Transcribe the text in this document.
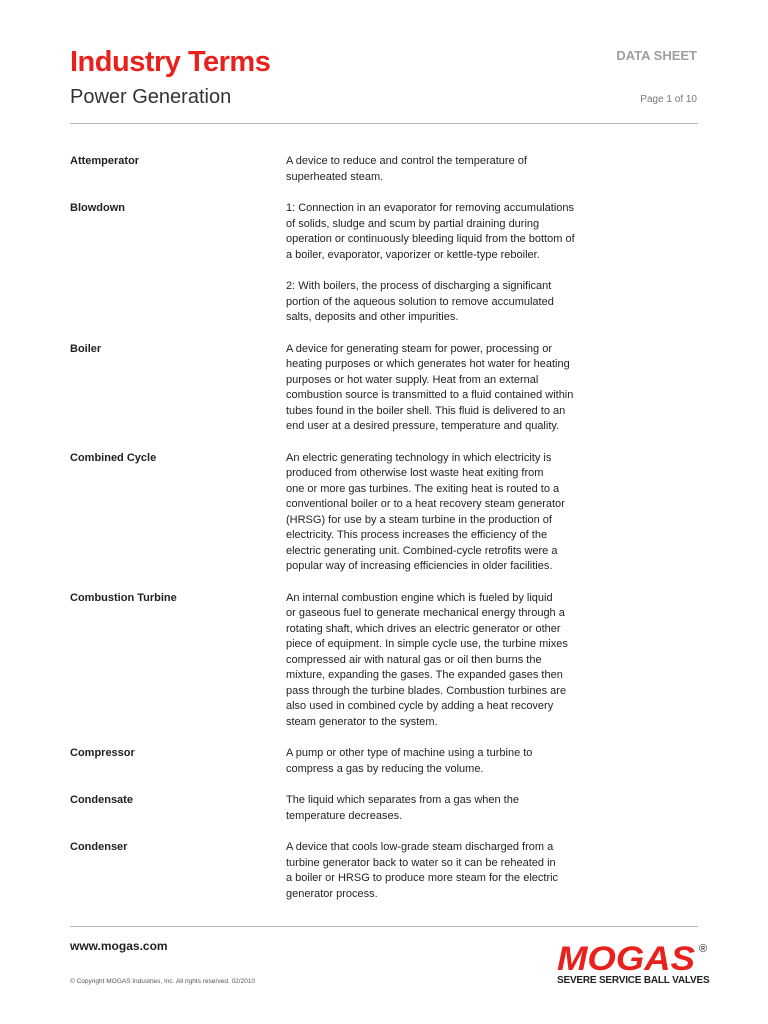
Industry Terms
Power Generation
DATA SHEET
Page 1 of 10
Attemperator	A device to reduce and control the temperature of
superheated steam.

Blowdown	1: Connection in an evaporator for removing accumulations
of solids, sludge and scum by partial draining during
operation or continuously bleeding liquid from the bottom of
a boiler, evaporator, vaporizer or kettle-type reboiler.

2: With boilers, the process of discharging a significant
portion of the aqueous solution to remove accumulated
salts, deposits and other impurities.

Boiler	A device for generating steam for power, processing or
heating purposes or which generates hot water for heating
purposes or hot water supply. Heat from an external
combustion source is transmitted to a fluid contained within
tubes found in the boiler shell. This fluid is delivered to an
end user at a desired pressure, temperature and quality.

Combined Cycle	An electric generating technology in which electricity is
produced from otherwise lost waste heat exiting from
one or more gas turbines. The exiting heat is routed to a
conventional boiler or to a heat recovery steam generator
(HRSG) for use by a steam turbine in the production of
electricity. This process increases the efficiency of the
electric generating unit. Combined-cycle retrofits were a
popular way of increasing efficiencies in older facilities.

Combustion Turbine	An internal combustion engine which is fueled by liquid
or gaseous fuel to generate mechanical energy through a
rotating shaft, which drives an electric generator or other
piece of equipment. In simple cycle use, the turbine mixes
compressed air with natural gas or oil then burns the
mixture, expanding the gases. The expanded gases then
pass through the turbine blades. Combustion turbines are
also used in combined cycle by adding a heat recovery
steam generator to the system.

Compressor	A pump or other type of machine using a turbine to
compress a gas by reducing the volume.

Condensate	The liquid which separates from a gas when the
temperature decreases.

Condenser	A device that cools low-grade steam discharged from a
turbine generator back to water so it can be reheated in
a boiler or HRSG to produce more steam for the electric
generator process.

www.mogas.com
© Copyright MOGAS Industries, Inc. All rights reserved. 02/2010
MOGAS ®
SEVERE SERVICE BALL VALVES
